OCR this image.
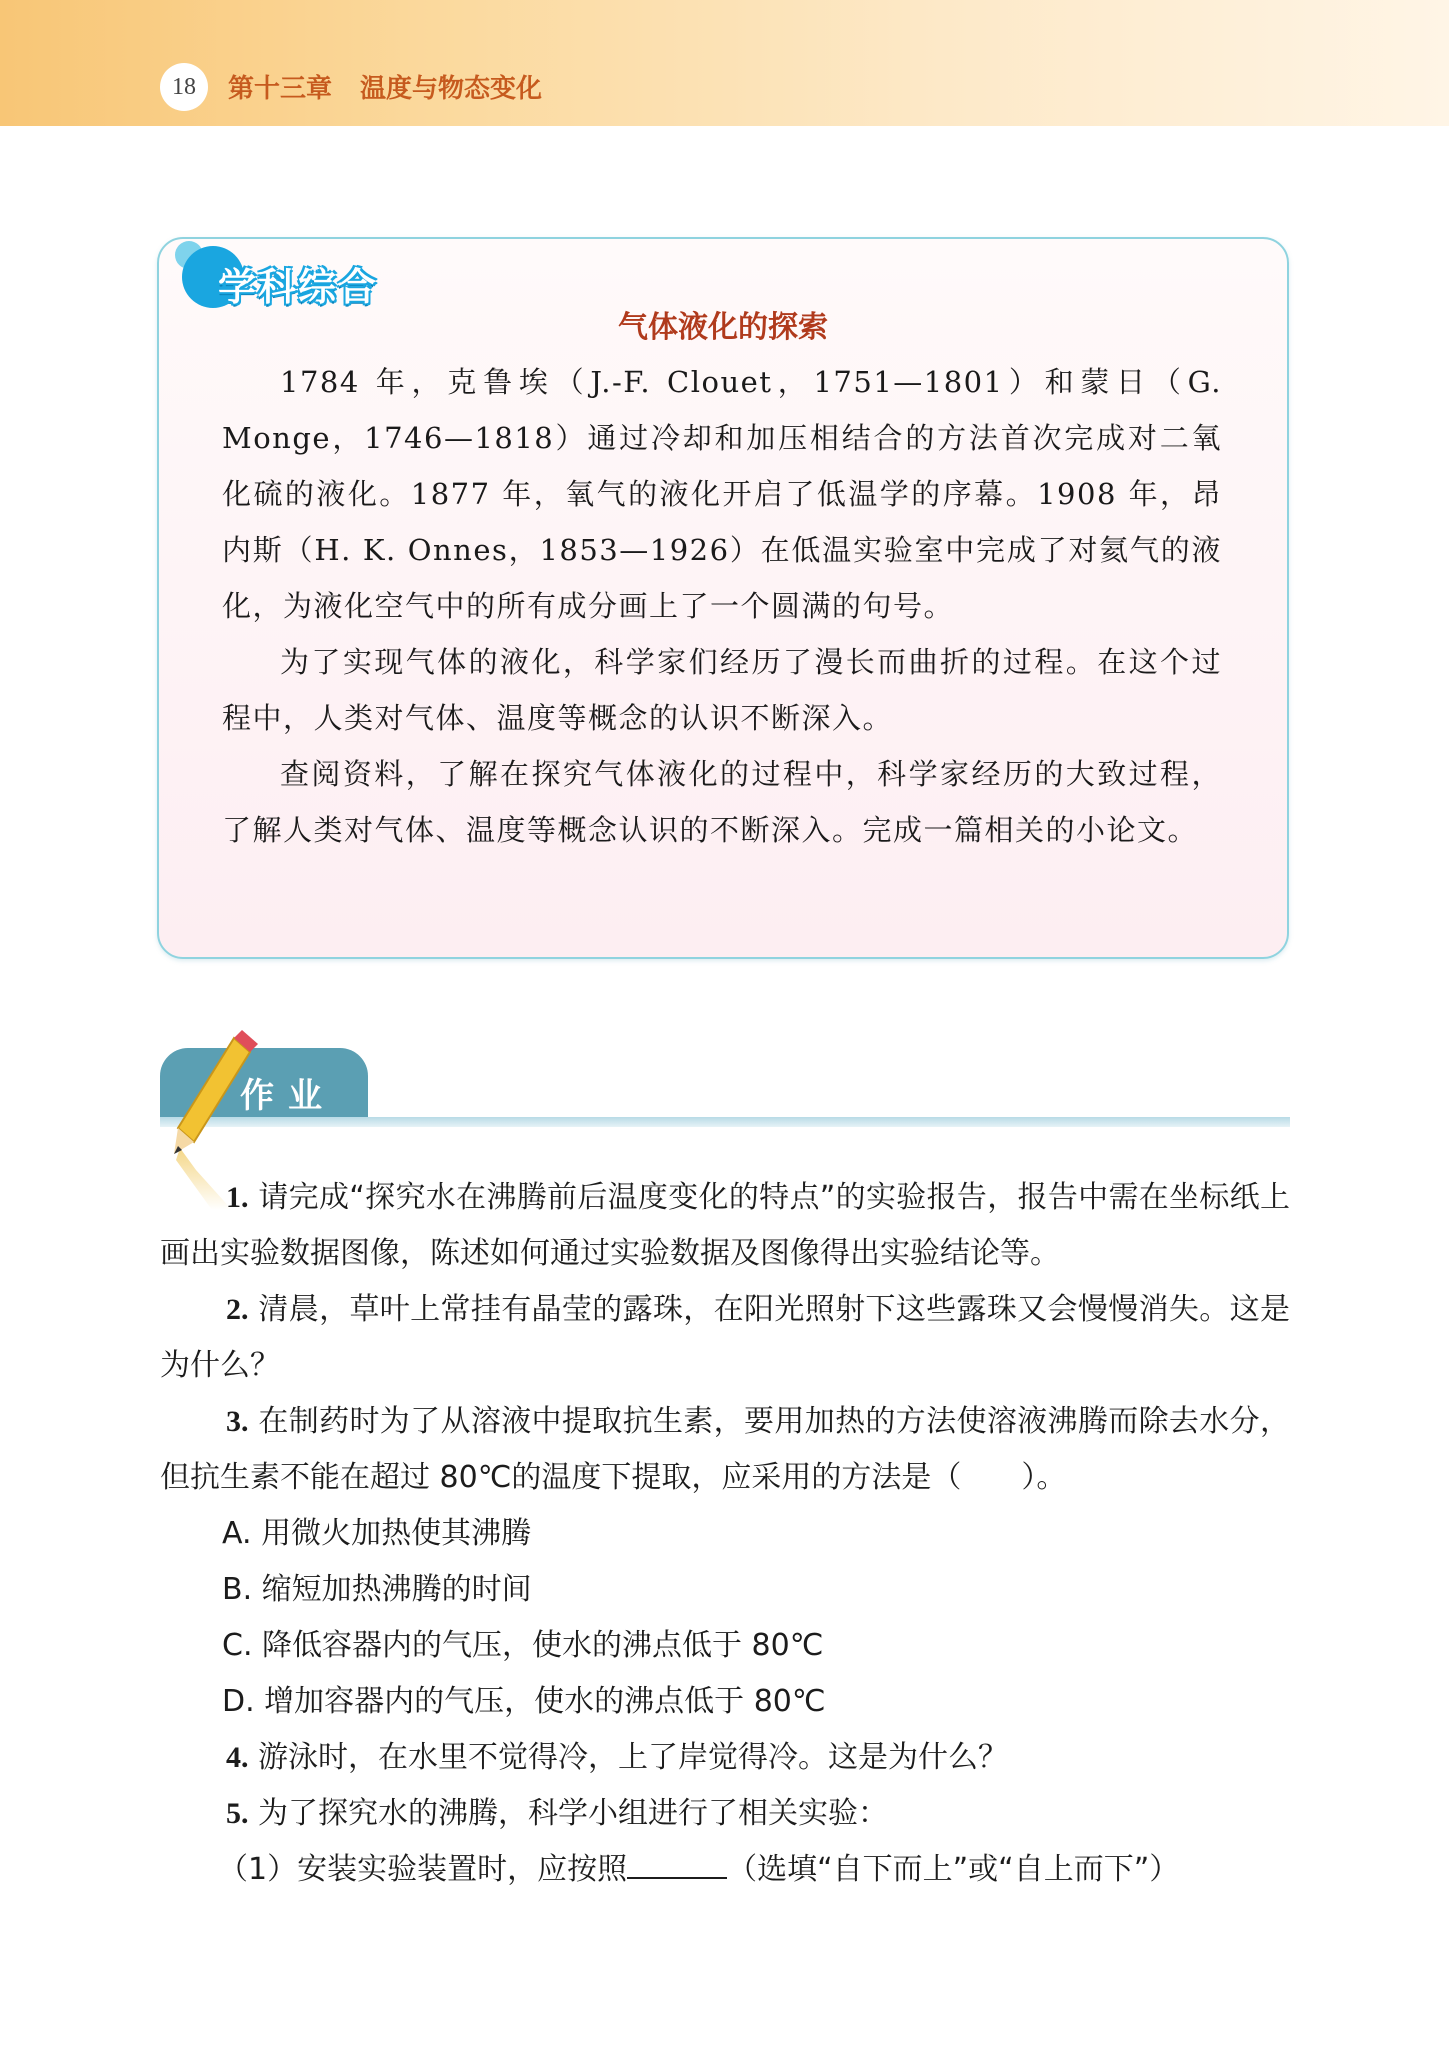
18	第十三章 温度与物态变化
学科综合
气体液化的探索

1784 年，克鲁埃（J.-F. Clouet，1751—1801）和蒙日（G. Monge，1746—1818）通过冷却和加压相结合的方法首次完成对二氧化硫的液化。1877 年，氧气的液化开启了低温学的序幕。1908 年，昂内斯（H. K. Onnes，1853—1926）在低温实验室中完成了对氦气的液化，为液化空气中的所有成分画上了一个圆满的句号。

为了实现气体的液化，科学家们经历了漫长而曲折的过程。在这个过程中，人类对气体、温度等概念的认识不断深入。

查阅资料，了解在探究气体液化的过程中，科学家经历的大致过程，了解人类对气体、温度等概念认识的不断深入。完成一篇相关的小论文。

作业

1. 请完成“探究水在沸腾前后温度变化的特点”的实验报告，报告中需在坐标纸上画出实验数据图像，陈述如何通过实验数据及图像得出实验结论等。

2. 清晨，草叶上常挂有晶莹的露珠，在阳光照射下这些露珠又会慢慢消失。这是为什么？

3. 在制药时为了从溶液中提取抗生素，要用加热的方法使溶液沸腾而除去水分，但抗生素不能在超过 80℃的温度下提取，应采用的方法是（　　）。

A. 用微火加热使其沸腾

B. 缩短加热沸腾的时间

C. 降低容器内的气压，使水的沸点低于 80℃

D. 增加容器内的气压，使水的沸点低于 80℃

4. 游泳时，在水里不觉得冷，上了岸觉得冷。这是为什么？

5. 为了探究水的沸腾，科学小组进行了相关实验：

（1）安装实验装置时，应按照	（选填“自下而上”或“自上而下”）
